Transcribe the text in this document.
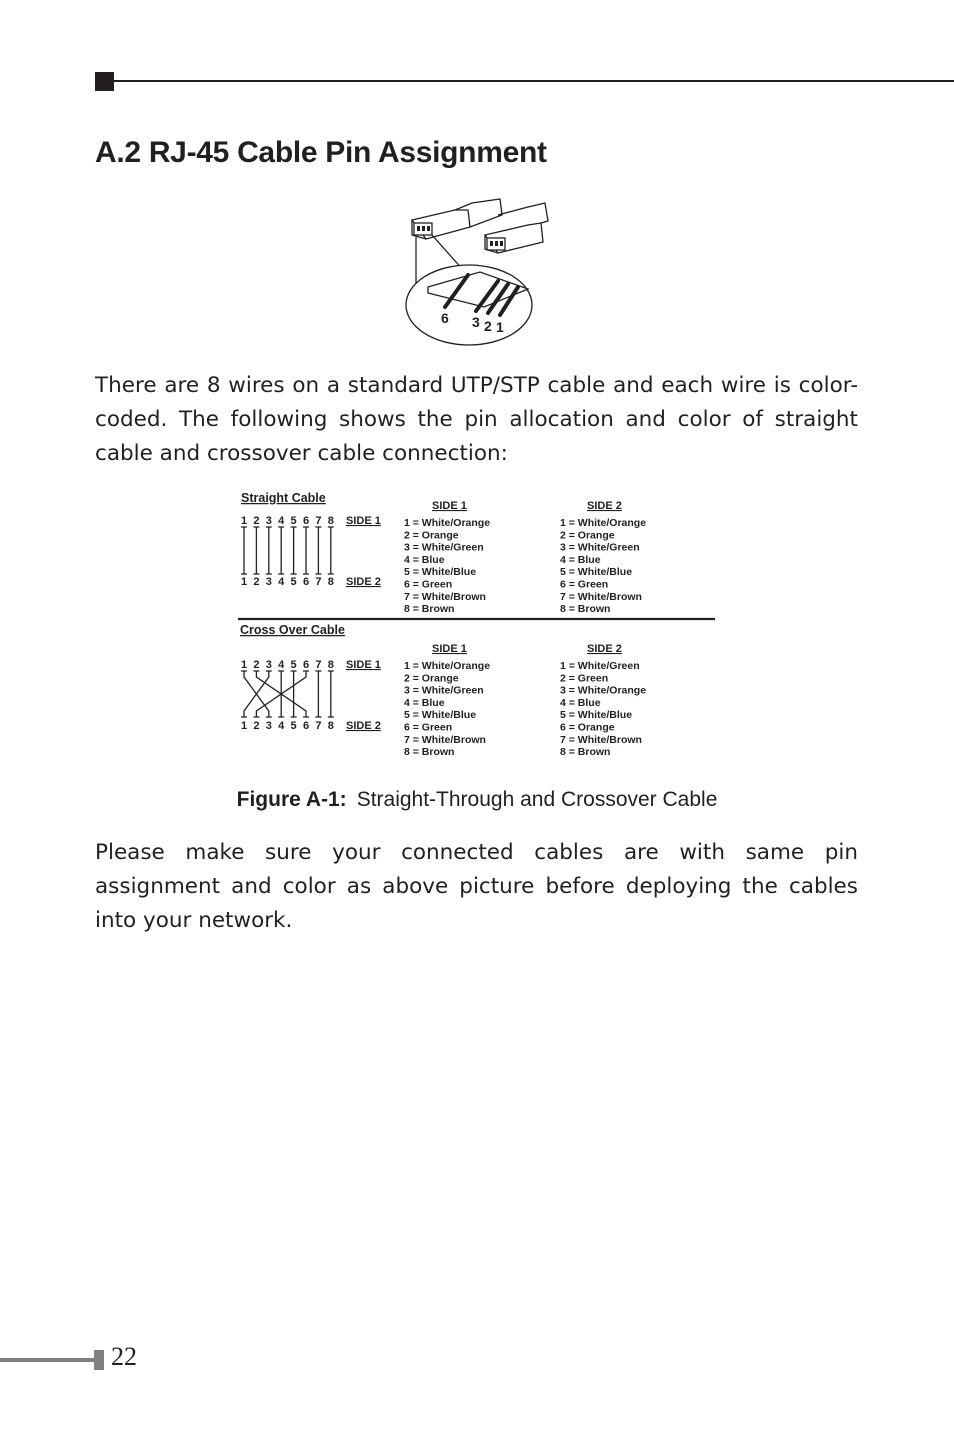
A.2 RJ-45 Cable Pin Assignment
6 3 2 1

There are 8 wires on a standard UTP/STP cable and each wire is color-coded. The following shows the pin allocation and color of straight cable and crossover cable connection:

Straight Cable
SIDE 1	SIDE 2
1 2 3 4 5 6 7 8
1 2 3 4 5 6 7 8
SIDE 1
SIDE 2
1 = White/Orange
2 = Orange
3 = White/Green
4 = Blue
5 = White/Blue
6 = Green
7 = White/Brown
8 = Brown
1 = White/Orange
2 = Orange
3 = White/Green
4 = Blue
5 = White/Blue
6 = Green
7 = White/Brown
8 = Brown
Cross Over Cable
SIDE 1	SIDE 2
1 2 3 4 5 6 7 8
1 2 3 4 5 6 7 8
SIDE 1
SIDE 2
1 = White/Orange
2 = Orange
3 = White/Green
4 = Blue
5 = White/Blue
6 = Green
7 = White/Brown
8 = Brown
1 = White/Green
2 = Green
3 = White/Orange
4 = Blue
5 = White/Blue
6 = Orange
7 = White/Brown
8 = Brown
Figure A-1: Straight-Through and Crossover Cable

Please make sure your connected cables are with same pin assignment and color as above picture before deploying the cables into your network.

22
